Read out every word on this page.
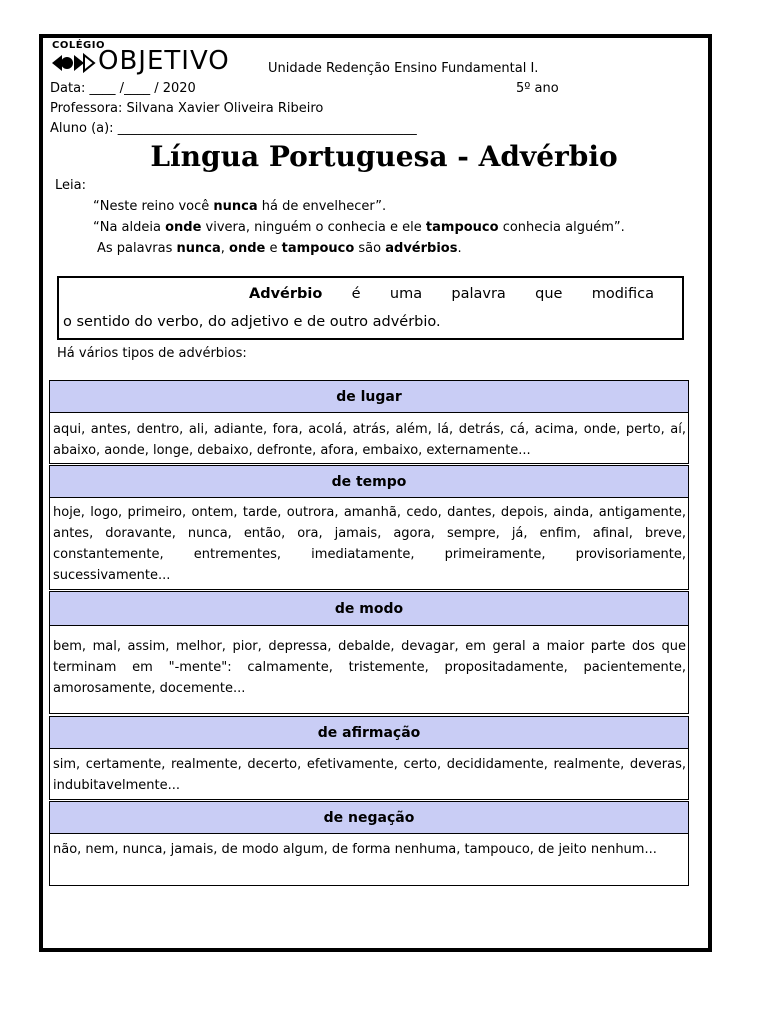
COLÉGIO
OBJETIVO	Unidade Redenção Ensino Fundamental I.
Data: ____ /____ / 2020	5º ano
Professora: Silvana Xavier Oliveira Ribeiro
Aluno (a): ______________________________________________
Língua Portuguesa - Advérbio
Leia:
“Neste reino você nunca há de envelhecer”.
“Na aldeia onde vivera, ninguém o conhecia e ele tampouco conhecia alguém”.
As palavras nunca, onde e tampouco são advérbios.
Advérbio é uma palavra que modifica
o sentido do verbo, do adjetivo e de outro advérbio.
Há vários tipos de advérbios:
de lugar
aqui, antes, dentro, ali, adiante, fora, acolá, atrás, além, lá, detrás, cá, acima, onde, perto, aí, abaixo, aonde, longe, debaixo, defronte, afora, embaixo, externamente...
de tempo
hoje, logo, primeiro, ontem, tarde, outrora, amanhã, cedo, dantes, depois, ainda, antigamente, antes, doravante, nunca, então, ora, jamais, agora, sempre, já, enfim, afinal, breve, constantemente, entrementes, imediatamente, primeiramente, provisoriamente, sucessivamente...
de modo
bem, mal, assim, melhor, pior, depressa, debalde, devagar, em geral a maior parte dos que terminam em "-mente": calmamente, tristemente, propositadamente, pacientemente, amorosamente, docemente...
de afirmação
sim, certamente, realmente, decerto, efetivamente, certo, decididamente, realmente, deveras, indubitavelmente...
de negação
não, nem, nunca, jamais, de modo algum, de forma nenhuma, tampouco, de jeito nenhum...
